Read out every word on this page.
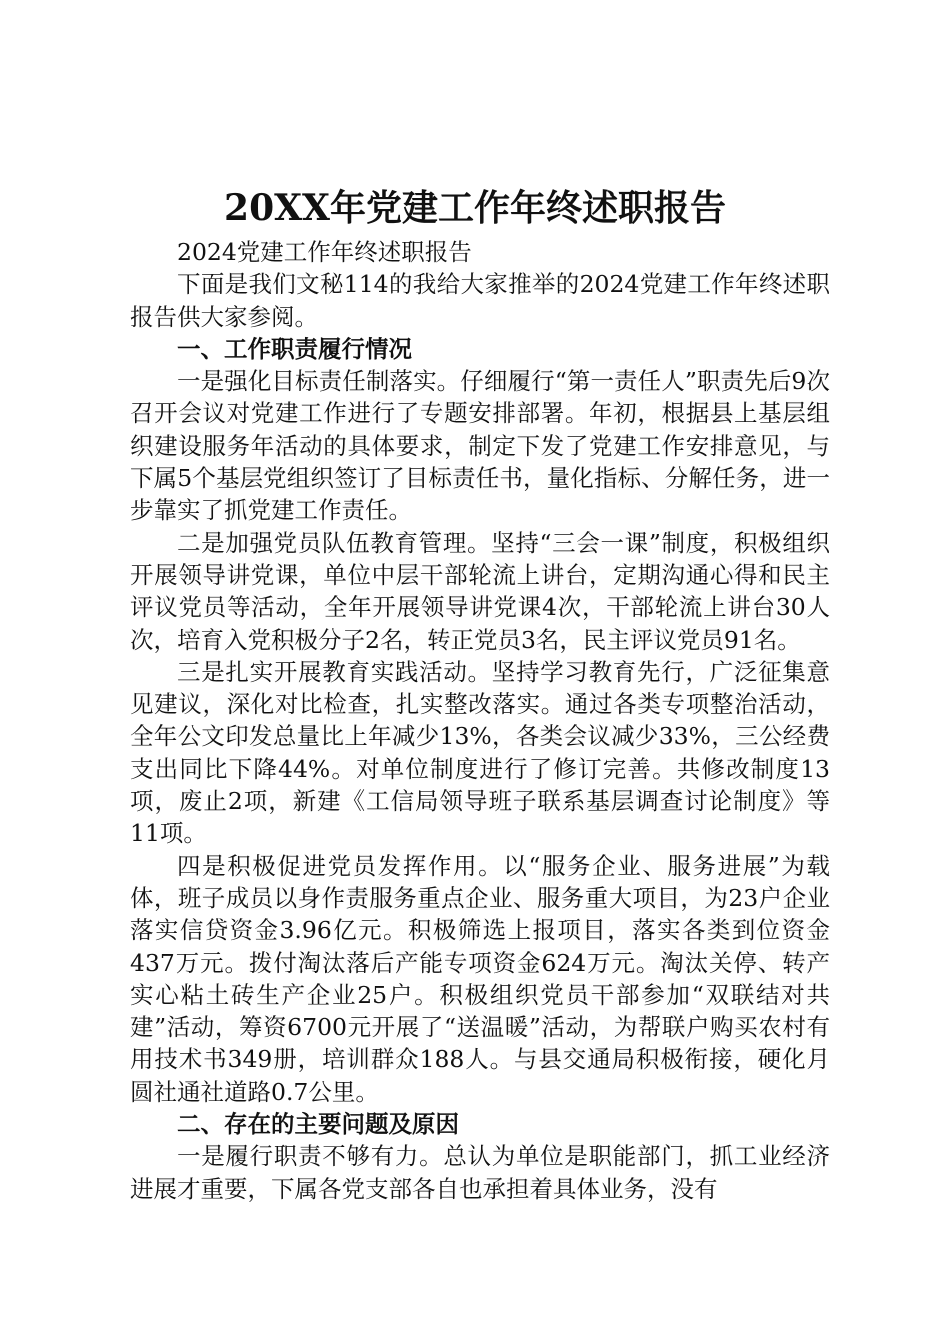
20XX年党建工作年终述职报告

2024党建工作年终述职报告

下面是我们文秘114的我给大家推举的2024党建工作年终述职报告供大家参阅。

一、工作职责履行情况

一是强化目标责任制落实。仔细履行“第一责任人”职责先后9次召开会议对党建工作进行了专题安排部署。年初，根据县上基层组织建设服务年活动的具体要求，制定下发了党建工作安排意见，与下属5个基层党组织签订了目标责任书，量化指标、分解任务，进一步靠实了抓党建工作责任。

二是加强党员队伍教育管理。坚持“三会一课”制度，积极组织开展领导讲党课，单位中层干部轮流上讲台，定期沟通心得和民主评议党员等活动，全年开展领导讲党课4次，干部轮流上讲台30人次，培育入党积极分子2名，转正党员3名，民主评议党员91名。

三是扎实开展教育实践活动。坚持学习教育先行，广泛征集意见建议，深化对比检查，扎实整改落实。通过各类专项整治活动，全年公文印发总量比上年减少13%，各类会议减少33%，三公经费支出同比下降44%。对单位制度进行了修订完善。共修改制度13项，废止2项，新建《工信局领导班子联系基层调查讨论制度》等11项。

四是积极促进党员发挥作用。以“服务企业、服务进展”为载体，班子成员以身作责服务重点企业、服务重大项目，为23户企业落实信贷资金3.96亿元。积极筛选上报项目，落实各类到位资金437万元。拨付淘汰落后产能专项资金624万元。淘汰关停、转产实心粘土砖生产企业25户。积极组织党员干部参加“双联结对共建”活动，筹资6700元开展了“送温暖”活动，为帮联户购买农村有用技术书349册，培训群众188人。与县交通局积极衔接，硬化月圆社通社道路0.7公里。

二、存在的主要问题及原因

一是履行职责不够有力。总认为单位是职能部门，抓工业经济进展才重要，下属各党支部各自也承担着具体业务，没有
